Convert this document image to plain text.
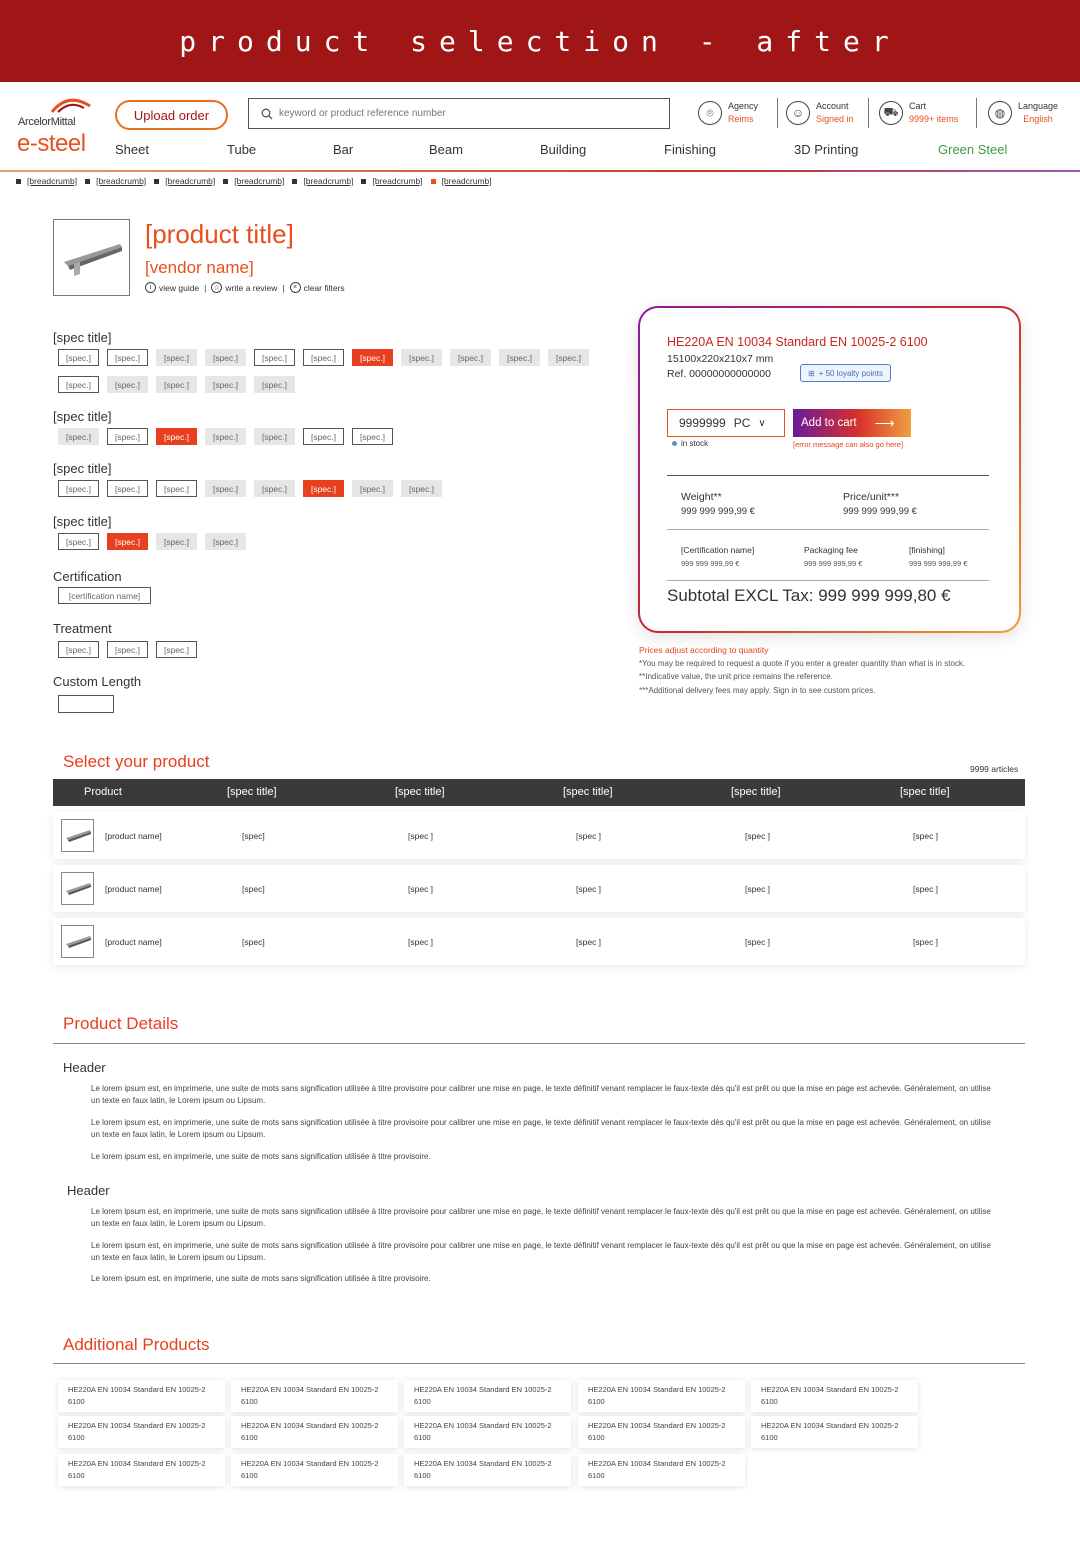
product selection - after
ArcelorMittal
e-steel
Upload order
keyword or product reference number	⌾	Agency
Reims	☺	Account
Signed in	⛟	Cart
9999+ items	◍	Language
English
Sheet	Tube	Bar	Beam	Building	Finishing	3D Printing	Green Steel
[breadcrumb] [breadcrumb] [breadcrumb] [breadcrumb] [breadcrumb] [breadcrumb] [breadcrumb]
[product title]
[vendor name]
i view guide |	☆ write a review |	× clear filters
[spec title]
[spec.]	[spec.]	[spec.]	[spec.]	[spec.]	[spec.]	[spec.]	[spec.]	[spec.]	[spec.]	[spec.]
[spec.]	[spec.]	[spec.]	[spec.]	[spec.]
[spec title]
[spec.]	[spec.]	[spec.]	[spec.]	[spec.]	[spec.]	[spec.]
[spec title]
[spec.]	[spec.]	[spec.]	[spec.]	[spec.]	[spec.]	[spec.]	[spec.]
[spec title]
[spec.]	[spec.]	[spec.]	[spec.]
Certification
[certification name]
Treatment
[spec.]	[spec.]	[spec.]
Custom Length
HE220A EN 10034 Standard EN 10025-2 6100
15100x220x210x7 mm
Ref. 00000000000000	⊞ + 50 loyalty points
9999999 PC ∨
in stock
Add to cart ⟶
[error message can also go here]
Weight**
999 999 999,99 €
Price/unit***
999 999 999,99 €
[Certification name]
999 999 999,99 €
Packaging fee
999 999 999,99 €
[finishing]
999 999 999,99 €
Subtotal EXCL Tax: 999 999 999,80 €
Prices adjust according to quantity
*You may be required to request a quote if you enter a greater quantity than what is in stock.
**Indicative value, the unit price remains the reference.
***Additional delivery fees may apply. Sign in to see custom prices.
Select your product	9999 articles
Product	[spec title]	[spec title]	[spec title]	[spec title]	[spec title]
[product name]	[spec]	[spec ]	[spec ]	[spec ]	[spec ]
[product name]	[spec]	[spec ]	[spec ]	[spec ]	[spec ]
[product name]	[spec]	[spec ]	[spec ]	[spec ]	[spec ]
Product Details
Header
Le lorem ipsum est, en imprimerie, une suite de mots sans signification utilisée à titre provisoire pour calibrer une mise en page, le texte définitif venant remplacer le faux-texte dès qu'il est prêt ou que la mise en page est achevée. Généralement, on utilise un texte en faux latin, le Lorem ipsum ou Lipsum.
Le lorem ipsum est, en imprimerie, une suite de mots sans signification utilisée à titre provisoire pour calibrer une mise en page, le texte définitif venant remplacer le faux-texte dès qu'il est prêt ou que la mise en page est achevée. Généralement, on utilise un texte en faux latin, le Lorem ipsum ou Lipsum.
Le lorem ipsum est, en imprimerie, une suite de mots sans signification utilisée à titre provisoire.
Header
Le lorem ipsum est, en imprimerie, une suite de mots sans signification utilisée à titre provisoire pour calibrer une mise en page, le texte définitif venant remplacer le faux-texte dès qu'il est prêt ou que la mise en page est achevée. Généralement, on utilise un texte en faux latin, le Lorem ipsum ou Lipsum.
Le lorem ipsum est, en imprimerie, une suite de mots sans signification utilisée à titre provisoire pour calibrer une mise en page, le texte définitif venant remplacer le faux-texte dès qu'il est prêt ou que la mise en page est achevée. Généralement, on utilise un texte en faux latin, le Lorem ipsum ou Lipsum.
Le lorem ipsum est, en imprimerie, une suite de mots sans signification utilisée à titre provisoire.
Additional Products
HE220A EN 10034 Standard EN 10025-2 6100
HE220A EN 10034 Standard EN 10025-2 6100
HE220A EN 10034 Standard EN 10025-2 6100
HE220A EN 10034 Standard EN 10025-2 6100
HE220A EN 10034 Standard EN 10025-2 6100
HE220A EN 10034 Standard EN 10025-2 6100
HE220A EN 10034 Standard EN 10025-2 6100
HE220A EN 10034 Standard EN 10025-2 6100
HE220A EN 10034 Standard EN 10025-2 6100
HE220A EN 10034 Standard EN 10025-2 6100
HE220A EN 10034 Standard EN 10025-2 6100
HE220A EN 10034 Standard EN 10025-2 6100
HE220A EN 10034 Standard EN 10025-2 6100
HE220A EN 10034 Standard EN 10025-2 6100
